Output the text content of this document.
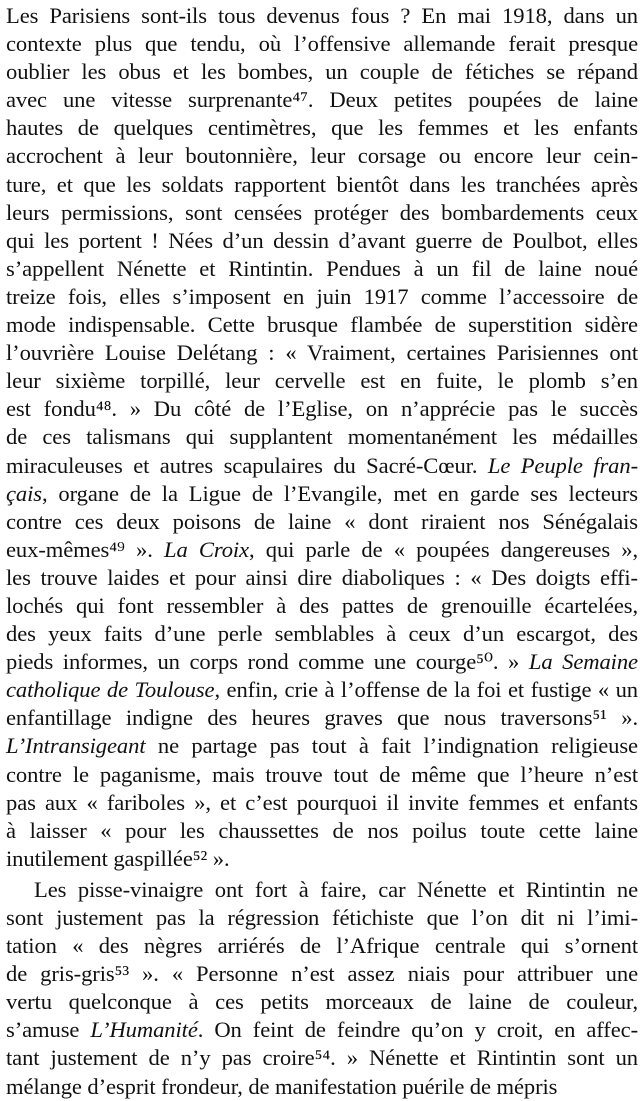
Les Parisiens sont-ils tous devenus fous ? En mai 1918, dans un
contexte plus que tendu, où l’offensive allemande ferait presque
oublier les obus et les bombes, un couple de fétiches se répand
avec une vitesse surprenante⁴⁷. Deux petites poupées de laine
hautes de quelques centimètres, que les femmes et les enfants
accrochent à leur boutonnière, leur corsage ou encore leur cein-
ture, et que les soldats rapportent bientôt dans les tranchées après
leurs permissions, sont censées protéger des bombardements ceux
qui les portent ! Nées d’un dessin d’avant guerre de Poulbot, elles
s’appellent Nénette et Rintintin. Pendues à un fil de laine noué
treize fois, elles s’imposent en juin 1917 comme l’accessoire de
mode indispensable. Cette brusque flambée de superstition sidère
l’ouvrière Louise Delétang : « Vraiment, certaines Parisiennes ont
leur sixième torpillé, leur cervelle est en fuite, le plomb s’en
est fondu⁴⁸. » Du côté de l’Eglise, on n’apprécie pas le succès
de ces talismans qui supplantent momentanément les médailles
miraculeuses et autres scapulaires du Sacré-Cœur. Le Peuple fran-
çais, organe de la Ligue de l’Evangile, met en garde ses lecteurs
contre ces deux poisons de laine « dont riraient nos Sénégalais
eux-mêmes⁴⁹ ». La Croix, qui parle de « poupées dangereuses »,
les trouve laides et pour ainsi dire diaboliques : « Des doigts effi-
lochés qui font ressembler à des pattes de grenouille écartelées,
des yeux faits d’une perle semblables à ceux d’un escargot, des
pieds informes, un corps rond comme une courge⁵⁰. » La Semaine
catholique de Toulouse, enfin, crie à l’offense de la foi et fustige « un
enfantillage indigne des heures graves que nous traversons⁵¹ ».
L’Intransigeant ne partage pas tout à fait l’indignation religieuse
contre le paganisme, mais trouve tout de même que l’heure n’est
pas aux « fariboles », et c’est pourquoi il invite femmes et enfants
à laisser « pour les chaussettes de nos poilus toute cette laine
inutilement gaspillée⁵² ».
Les pisse-vinaigre ont fort à faire, car Nénette et Rintintin ne
sont justement pas la régression fétichiste que l’on dit ni l’imi-
tation « des nègres arriérés de l’Afrique centrale qui s’ornent
de gris-gris⁵³ ». « Personne n’est assez niais pour attribuer une
vertu quelconque à ces petits morceaux de laine de couleur,
s’amuse L’Humanité. On feint de feindre qu’on y croit, en affec-
tant justement de n’y pas croire⁵⁴. » Nénette et Rintintin sont un
mélange d’esprit frondeur, de manifestation puérile de mépris
